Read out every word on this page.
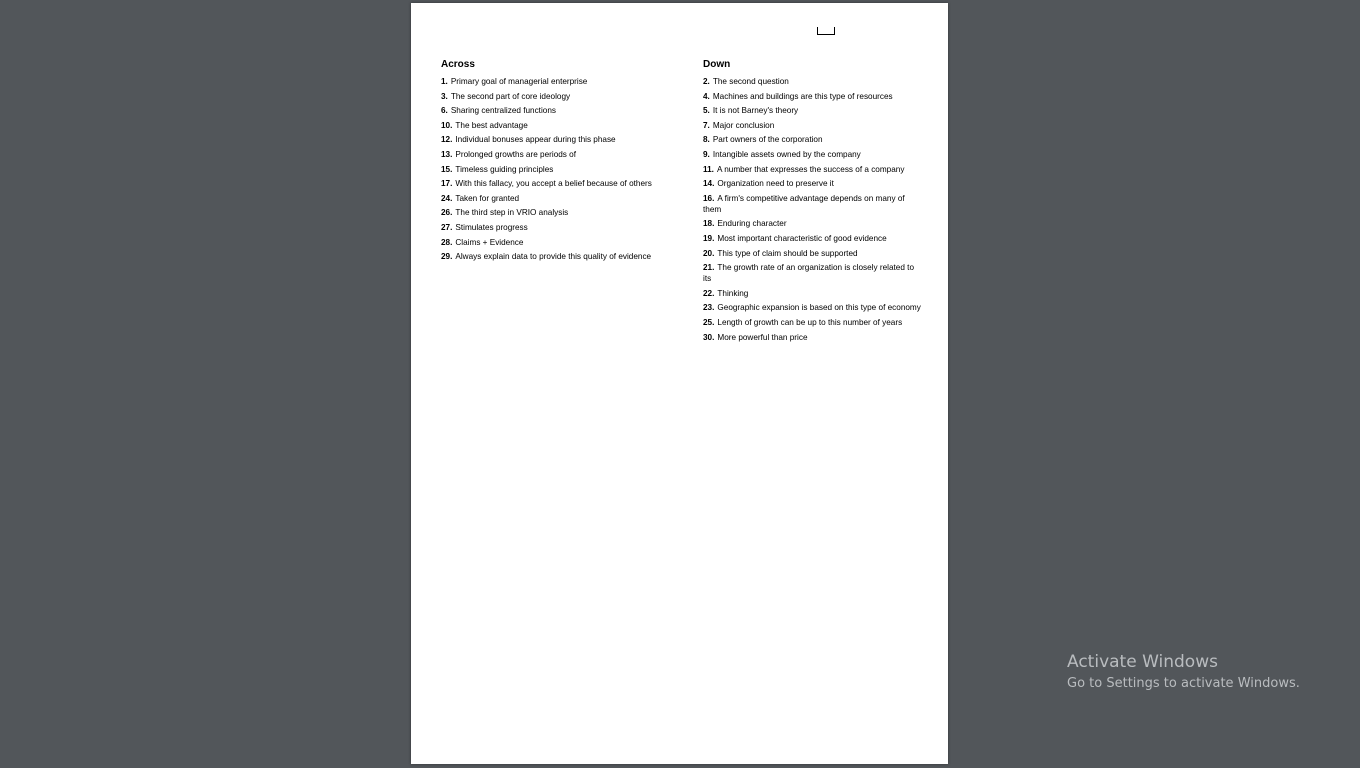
Across
1. Primary goal of managerial enterprise
3. The second part of core ideology
6. Sharing centralized functions
10. The best advantage
12. Individual bonuses appear during this phase
13. Prolonged growths are periods of
15. Timeless guiding principles
17. With this fallacy, you accept a belief because of others
24. Taken for granted
26. The third step in VRIO analysis
27. Stimulates progress
28. Claims + Evidence
29. Always explain data to provide this quality of evidence
Down
2. The second question
4. Machines and buildings are this type of resources
5. It is not Barney's theory
7. Major conclusion
8. Part owners of the corporation
9. Intangible assets owned by the company
11. A number that expresses the success of a company
14. Organization need to preserve it
16. A firm's competitive advantage depends on many of them
18. Enduring character
19. Most important characteristic of good evidence
20. This type of claim should be supported
21. The growth rate of an organization is closely related to its
22. Thinking
23. Geographic expansion is based on this type of economy
25. Length of growth can be up to this number of years
30. More powerful than price
Activate Windows
Go to Settings to activate Windows.
